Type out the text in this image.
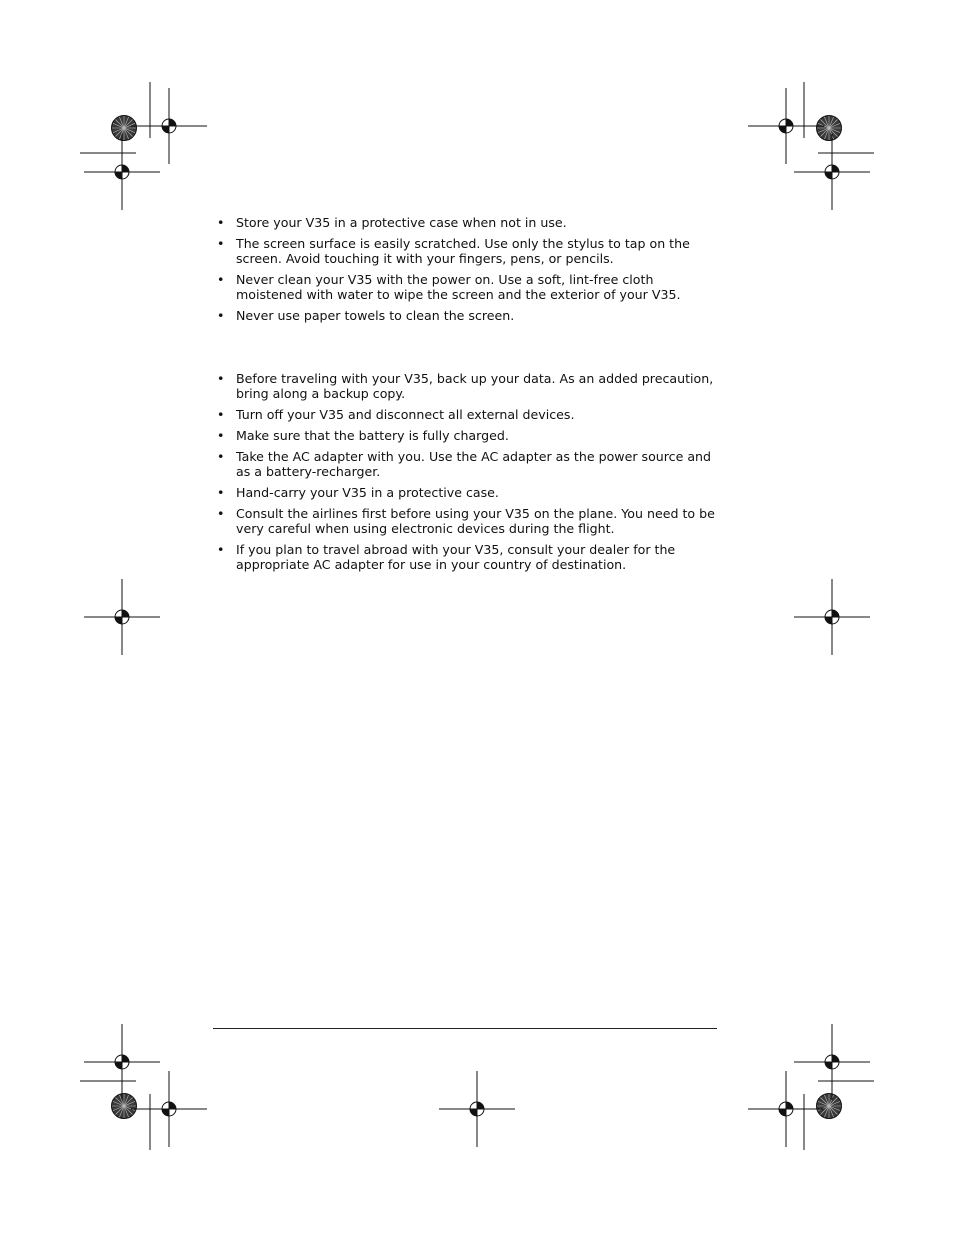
• Store your V35 in a protective case when not in use.
• The screen surface is easily scratched. Use only the stylus to tap on the screen. Avoid touching it with your fingers, pens, or pencils.
• Never clean your V35 with the power on. Use a soft, lint-free cloth moistened with water to wipe the screen and the exterior of your V35.
• Never use paper towels to clean the screen.
• Before traveling with your V35, back up your data. As an added precaution, bring along a backup copy.
• Turn off your V35 and disconnect all external devices.
• Make sure that the battery is fully charged.
• Take the AC adapter with you. Use the AC adapter as the power source and as a battery-recharger.
• Hand-carry your V35 in a protective case.
• Consult the airlines first before using your V35 on the plane. You need to be very careful when using electronic devices during the flight.
• If you plan to travel abroad with your V35, consult your dealer for the appropriate AC adapter for use in your country of destination.
